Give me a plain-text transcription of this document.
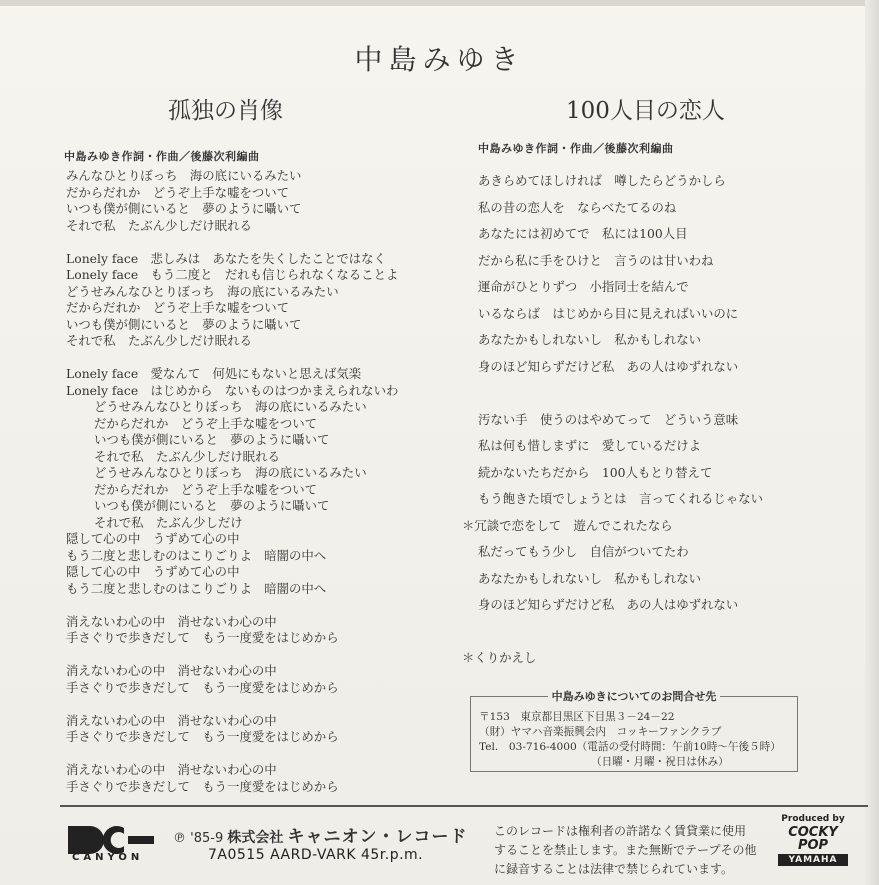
中島みゆき
孤独の肖像	100人目の恋人
中島みゆき作詞・作曲／後藤次利編曲
中島みゆき作詞・作曲／後藤次利編曲
みんなひとりぼっち　海の底にいるみたい
だからだれか　どうぞ上手な嘘をついて
いつも僕が側にいると　夢のように囁いて
それで私　たぶん少しだけ眠れる
Lonely face　悲しみは　あなたを失くしたことではなく
Lonely face　もう二度と　だれも信じられなくなることよ
どうせみんなひとりぼっち　海の底にいるみたい
だからだれか　どうぞ上手な嘘をついて
いつも僕が側にいると　夢のように囁いて
それで私　たぶん少しだけ眠れる
Lonely face　愛なんて　何処にもないと思えば気楽
Lonely face　はじめから　ないものはつかまえられないわ
どうせみんなひとりぼっち　海の底にいるみたい
だからだれか　どうぞ上手な嘘をついて
いつも僕が側にいると　夢のように囁いて
それで私　たぶん少しだけ眠れる
どうせみんなひとりぼっち　海の底にいるみたい
だからだれか　どうぞ上手な嘘をついて
いつも僕が側にいると　夢のように囁いて
それで私　たぶん少しだけ
隠して心の中　うずめて心の中
もう二度と悲しむのはこりごりよ　暗闇の中へ
隠して心の中　うずめて心の中
もう二度と悲しむのはこりごりよ　暗闇の中へ
消えないわ心の中　消せないわ心の中
手さぐりで歩きだして　もう一度愛をはじめから
消えないわ心の中　消せないわ心の中
手さぐりで歩きだして　もう一度愛をはじめから
消えないわ心の中　消せないわ心の中
手さぐりで歩きだして　もう一度愛をはじめから
消えないわ心の中　消せないわ心の中
手さぐりで歩きだして　もう一度愛をはじめから
あきらめてほしければ　噂したらどうかしら
私の昔の恋人を　ならべたてるのね
あなたには初めてで　私には100人目
だから私に手をひけと　言うのは甘いわね
運命がひとりずつ　小指同士を結んで
いるならば　はじめから目に見えればいいのに
あなたかもしれないし　私かもしれない
身のほど知らずだけど私　あの人はゆずれない
汚ない手　使うのはやめてって　どういう意味
私は何も惜しまずに　愛しているだけよ
続かないたちだから　100人もとり替えて
もう飽きた頃でしょうとは　言ってくれるじゃない
＊冗談で恋をして　遊んでこれたなら
私だってもう少し　自信がついてたわ
あなたかもしれないし　私かもしれない
身のほど知らずだけど私　あの人はゆずれない
＊くりかえし
中島みゆきについてのお問合せ先
〒153　東京都目黒区下目黒３－24－22
（財）ヤマハ音楽振興会内　コッキーファンクラブ
Tel.　03-716-4000（電話の受付時間：午前10時～午後５時）
（日曜・月曜・祝日は休み）
CANYON
℗ '85-9 株式会社 キャニオン・レコード
7A0515 AARD-VARK 45r.p.m.
このレコードは権利者の許諾なく賃貸業に使用
することを禁止します。また無断でテープその他
に録音することは法律で禁じられています。
Produced by
COCKY POP
YAMAHA
